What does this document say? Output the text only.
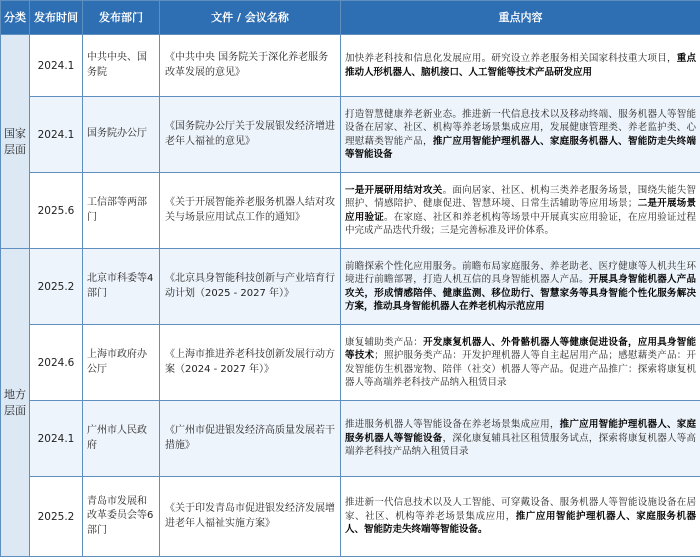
分类	发布时间	发布部门	文件 / 会议名称	重点内容
国家层面	2024.1	中共中央、国务院	《中共中央 国务院关于深化养老服务改革发展的意见》	加快养老科技和信息化发展应用。研究设立养老服务相关国家科技重大项目，重点推动人形机器人、脑机接口、人工智能等技术产品研发应用
	2024.1	国务院办公厅	《国务院办公厅关于发展银发经济增进老年人福祉的意见》	打造智慧健康养老新业态。推进新一代信息技术以及移动终端、服务机器人等智能设备在居家、社区、机构等养老场景集成应用，发展健康管理类、养老监护类、心理慰藉类智能产品，推广应用智能护理机器人、家庭服务机器人、智能防走失终端等智能设备
	2025.6	工信部等两部门	《关于开展智能养老服务机器人结对攻关与场景应用试点工作的通知》	一是开展研用结对攻关。面向居家、社区、机构三类养老服务场景，围绕失能失智照护、情感陪护、健康促进、智慧环境、日常生活辅助等应用场景；二是开展场景应用验证。在家庭、社区和养老机构等场景中开展真实应用验证，在应用验证过程中完成产品迭代升级；三是完善标准及评价体系。
地方层面	2025.2	北京市科委等4部门	《北京具身智能科技创新与产业培育行动计划（2025 - 2027 年）》	前瞻探索个性化应用服务。前瞻布局家庭服务、养老助老、医疗健康等人机共生环境进行前瞻部署，打造人机互信的具身智能机器人产品。开展具身智能机器人产品攻关，形成情感陪伴、健康监测、移位助行、智慧家务等具身智能个性化服务解决方案，推动具身智能机器人在养老机构示范应用
	2024.6	上海市政府办公厅	《上海市推进养老科技创新发展行动方案（2024 - 2027 年）》	康复辅助类产品：开发康复机器人、外骨骼机器人等健康促进设备，应用具身智能等技术；照护服务类产品：开发护理机器人等自主起居用产品；感慰藉类产品：开发智能仿生机器宠物、陪伴（社交）机器人等产品。促进产品推广：探索将康复机器人等高端养老科技产品纳入租赁目录
	2024.1	广州市人民政府	《广州市促进银发经济高质量发展若干措施》	推进服务机器人等智能设备在养老场景集成应用，推广应用智能护理机器人、家庭服务机器人等智能设备，深化康复辅具社区租赁服务试点，探索将康复机器人等高端养老科技产品纳入租赁目录
	2025.2	青岛市发展和改革委员会等6部门	《关于印发青岛市促进银发经济发展增进老年人福祉实施方案》	推进新一代信息技术以及人工智能、可穿戴设备、服务机器人等智能设施设备在居家、社区、机构等养老场景集成应用，推广应用智能护理机器人、家庭服务机器人、智能防走失终端等智能设备。
